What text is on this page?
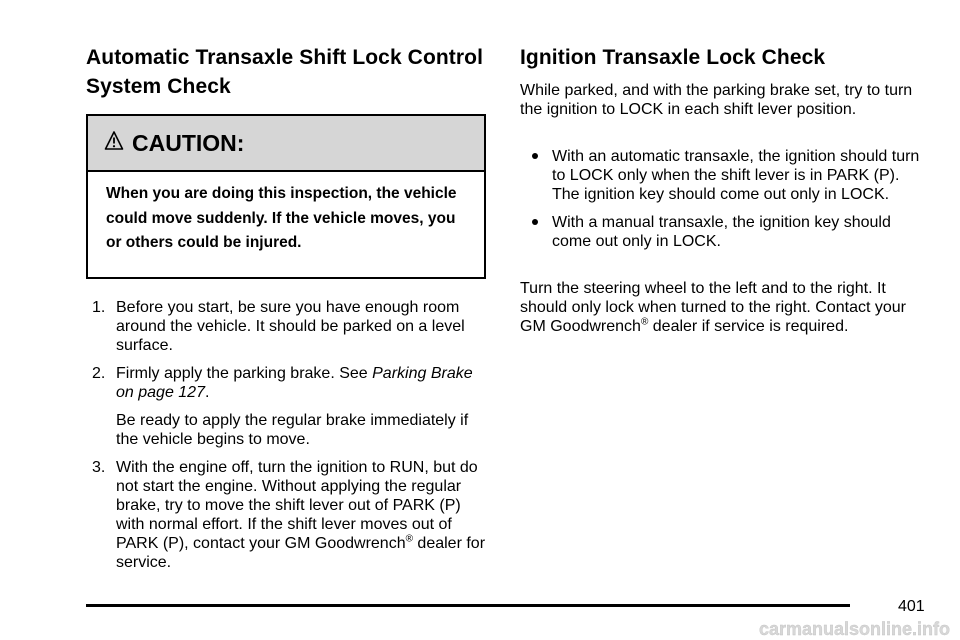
Automatic Transaxle Shift Lock Control System Check
CAUTION:
When you are doing this inspection, the vehicle could move suddenly. If the vehicle moves, you or others could be injured.
1. Before you start, be sure you have enough room around the vehicle. It should be parked on a level surface.
2. Firmly apply the parking brake. See Parking Brake on page 127.
Be ready to apply the regular brake immediately if the vehicle begins to move.
3. With the engine off, turn the ignition to RUN, but do not start the engine. Without applying the regular brake, try to move the shift lever out of PARK (P) with normal effort. If the shift lever moves out of PARK (P), contact your GM Goodwrench® dealer for service.
Ignition Transaxle Lock Check
While parked, and with the parking brake set, try to turn the ignition to LOCK in each shift lever position.
With an automatic transaxle, the ignition should turn to LOCK only when the shift lever is in PARK (P). The ignition key should come out only in LOCK.
With a manual transaxle, the ignition key should come out only in LOCK.
Turn the steering wheel to the left and to the right. It should only lock when turned to the right. Contact your GM Goodwrench® dealer if service is required.
401
carmanualsonline.info
